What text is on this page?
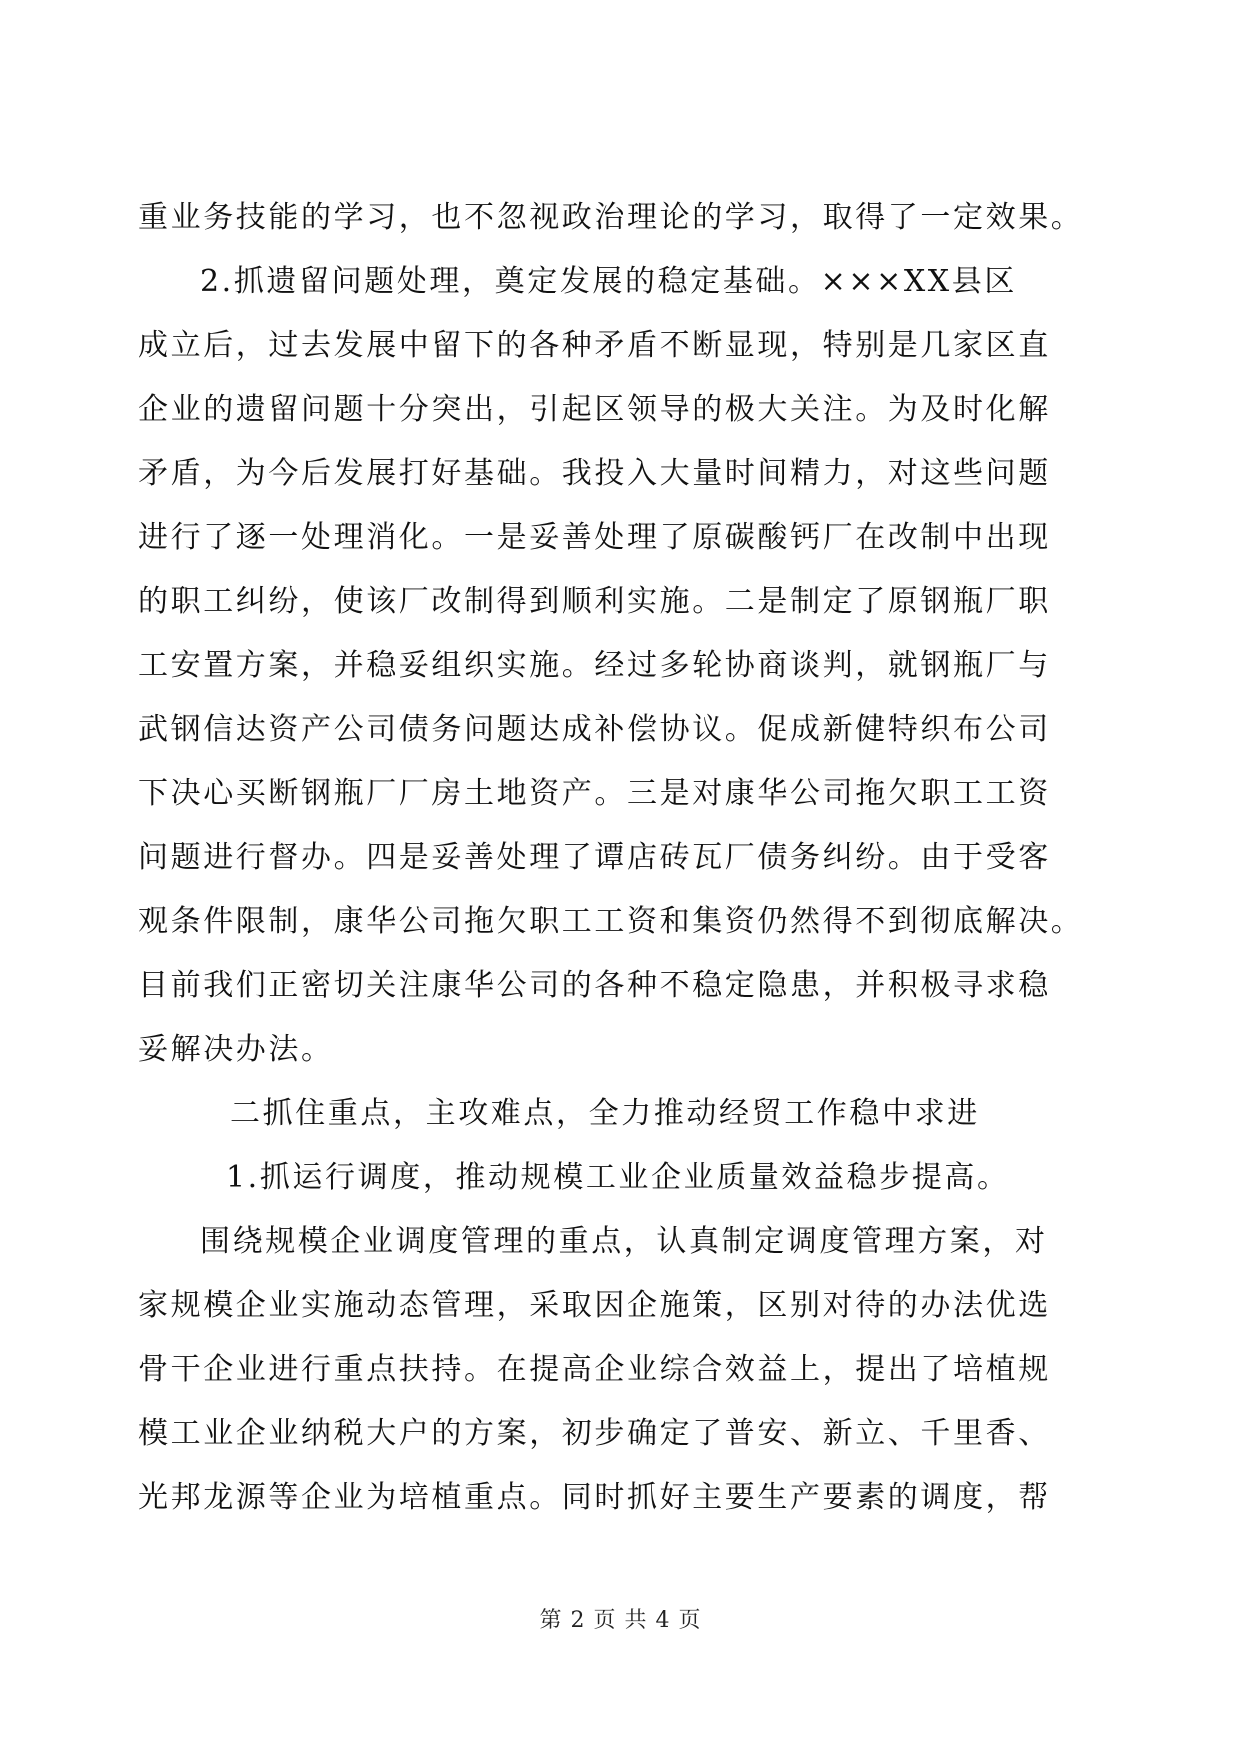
重业务技能的学习，也不忽视政治理论的学习，取得了一定效果。
2.抓遗留问题处理，奠定发展的稳定基础。×××XX县区
成立后，过去发展中留下的各种矛盾不断显现，特别是几家区直
企业的遗留问题十分突出，引起区领导的极大关注。为及时化解
矛盾，为今后发展打好基础。我投入大量时间精力，对这些问题
进行了逐一处理消化。一是妥善处理了原碳酸钙厂在改制中出现
的职工纠纷，使该厂改制得到顺利实施。二是制定了原钢瓶厂职
工安置方案，并稳妥组织实施。经过多轮协商谈判，就钢瓶厂与
武钢信达资产公司债务问题达成补偿协议。促成新健特织布公司
下决心买断钢瓶厂厂房土地资产。三是对康华公司拖欠职工工资
问题进行督办。四是妥善处理了谭店砖瓦厂债务纠纷。由于受客
观条件限制，康华公司拖欠职工工资和集资仍然得不到彻底解决。
目前我们正密切关注康华公司的各种不稳定隐患，并积极寻求稳
妥解决办法。
二抓住重点，主攻难点，全力推动经贸工作稳中求进
1.抓运行调度，推动规模工业企业质量效益稳步提高。
围绕规模企业调度管理的重点，认真制定调度管理方案，对
家规模企业实施动态管理，采取因企施策，区别对待的办法优选
骨干企业进行重点扶持。在提高企业综合效益上，提出了培植规
模工业企业纳税大户的方案，初步确定了普安、新立、千里香、
光邦龙源等企业为培植重点。同时抓好主要生产要素的调度，帮
第 2 页 共 4 页
